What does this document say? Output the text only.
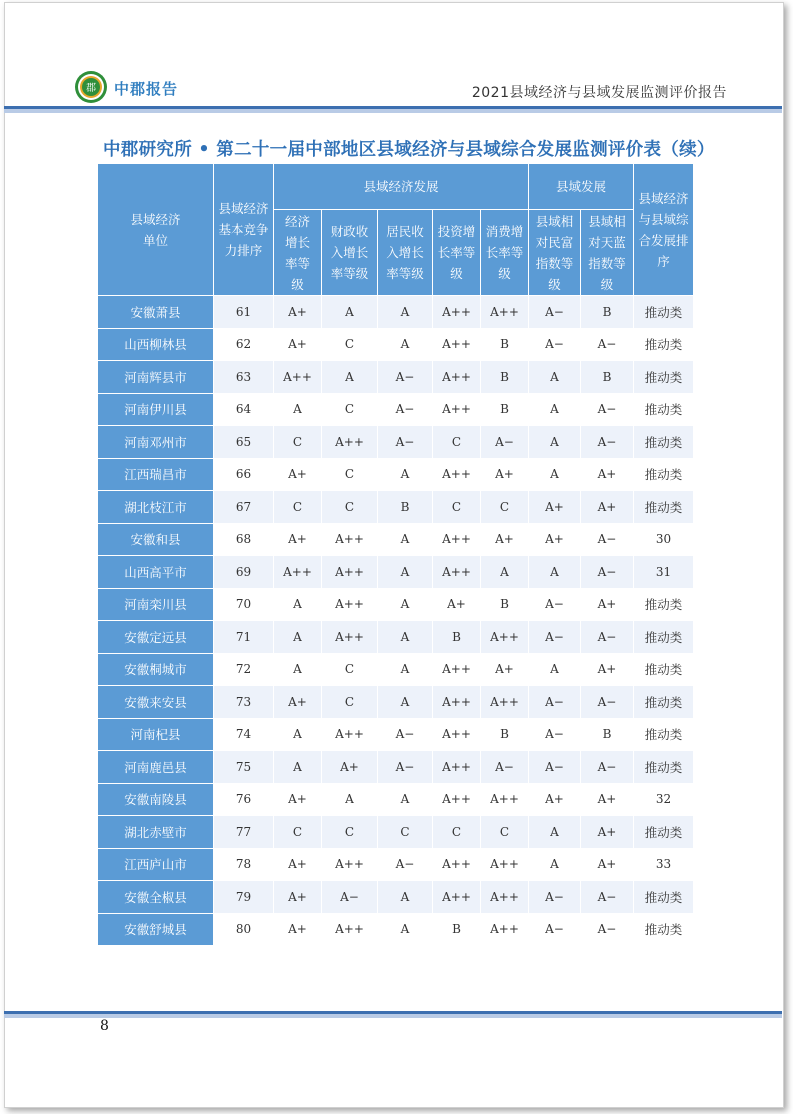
郡 中郡报告	2021县域经济与县域发展监测评价报告
中郡研究所 • 第二十一届中部地区县域经济与县域综合发展监测评价表（续）
县域经济单位	县域经济基本竞争力排序	县域经济发展					县域发展		县域经济与县域综合发展排序

		经济增长率等级	财政收入增长率等级	居民收入增长率等级	投资增长率等级	消费增长率等级	县域相对民富指数等级	县域相对天蓝指数等级	

安徽萧县	61	A+	A	A	A++	A++	A−	B	推动类
山西柳林县	62	A+	C	A	A++	B	A−	A−	推动类
河南辉县市	63	A++	A	A−	A++	B	A	B	推动类
河南伊川县	64	A	C	A−	A++	B	A	A−	推动类
河南邓州市	65	C	A++	A−	C	A−	A	A−	推动类
江西瑞昌市	66	A+	C	A	A++	A+	A	A+	推动类
湖北枝江市	67	C	C	B	C	C	A+	A+	推动类
安徽和县	68	A+	A++	A	A++	A+	A+	A−	30
山西高平市	69	A++	A++	A	A++	A	A	A−	31
河南栾川县	70	A	A++	A	A+	B	A−	A+	推动类
安徽定远县	71	A	A++	A	B	A++	A−	A−	推动类
安徽桐城市	72	A	C	A	A++	A+	A	A+	推动类
安徽来安县	73	A+	C	A	A++	A++	A−	A−	推动类
河南杞县	74	A	A++	A−	A++	B	A−	B	推动类
河南鹿邑县	75	A	A+	A−	A++	A−	A−	A−	推动类
安徽南陵县	76	A+	A	A	A++	A++	A+	A+	32
湖北赤壁市	77	C	C	C	C	C	A	A+	推动类
江西庐山市	78	A+	A++	A−	A++	A++	A	A+	33
安徽全椒县	79	A+	A−	A	A++	A++	A−	A−	推动类
安徽舒城县	80	A+	A++	A	B	A++	A−	A−	推动类
8
